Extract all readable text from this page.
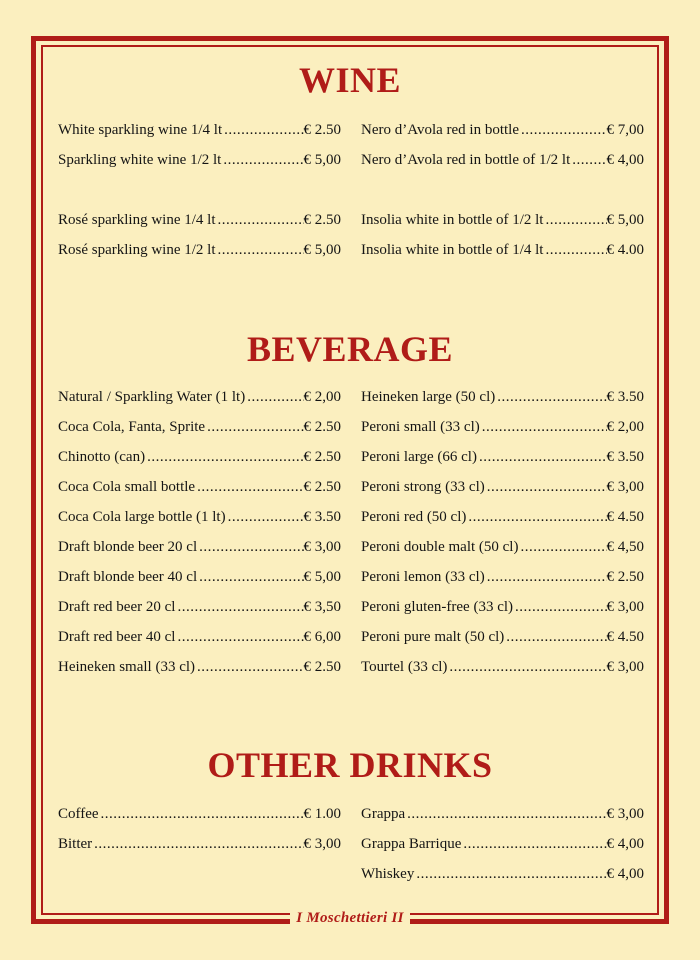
WINE
White sparkling wine 1/4 lt .....	€ 2.50
Sparkling white wine 1/2 lt .....	€ 5,00
Rosé sparkling wine 1/4 lt .....	€ 2.50
Rosé sparkling wine 1/2 lt .....	€ 5,00
Nero d’Avola red in bottle .....	€ 7,00
Nero d’Avola red in bottle of 1/2 lt ..... € 4,00
Insolia white in bottle of 1/2 lt .....	€ 5,00
Insolia white in bottle of 1/4 lt .....	€ 4.00
BEVERAGE
Natural / Sparkling Water (1 lt) .....	€ 2,00
Coca Cola, Fanta, Sprite .....	€ 2.50
Chinotto (can) .....	€ 2.50
Coca Cola small bottle .....	€ 2.50
Coca Cola large bottle (1 lt) .....	€ 3.50
Draft blonde beer 20 cl .....	€ 3,00
Draft blonde beer 40 cl .....	€ 5,00
Draft red beer 20 cl .....	€ 3,50
Draft red beer 40 cl .....	€ 6,00
Heineken small (33 cl) .....	€ 2.50
Heineken large (50 cl) .....	€ 3.50
Peroni small (33 cl) .....	€ 2,00
Peroni large (66 cl) .....	€ 3.50
Peroni strong (33 cl) .....	€ 3,00
Peroni red (50 cl) .....	€ 4.50
Peroni double malt (50 cl) .....	€ 4,50
Peroni lemon (33 cl) .....	€ 2.50
Peroni gluten-free (33 cl) .....	€ 3,00
Peroni pure malt (50 cl) .....	€ 4.50
Tourtel (33 cl) .....	€ 3,00
OTHER DRINKS
Coffee .....	€ 1.00
Bitter .....	€ 3,00
Grappa .....	€ 3,00
Grappa Barrique .....	€ 4,00
Whiskey .....	€ 4,00
I Moschettieri II
